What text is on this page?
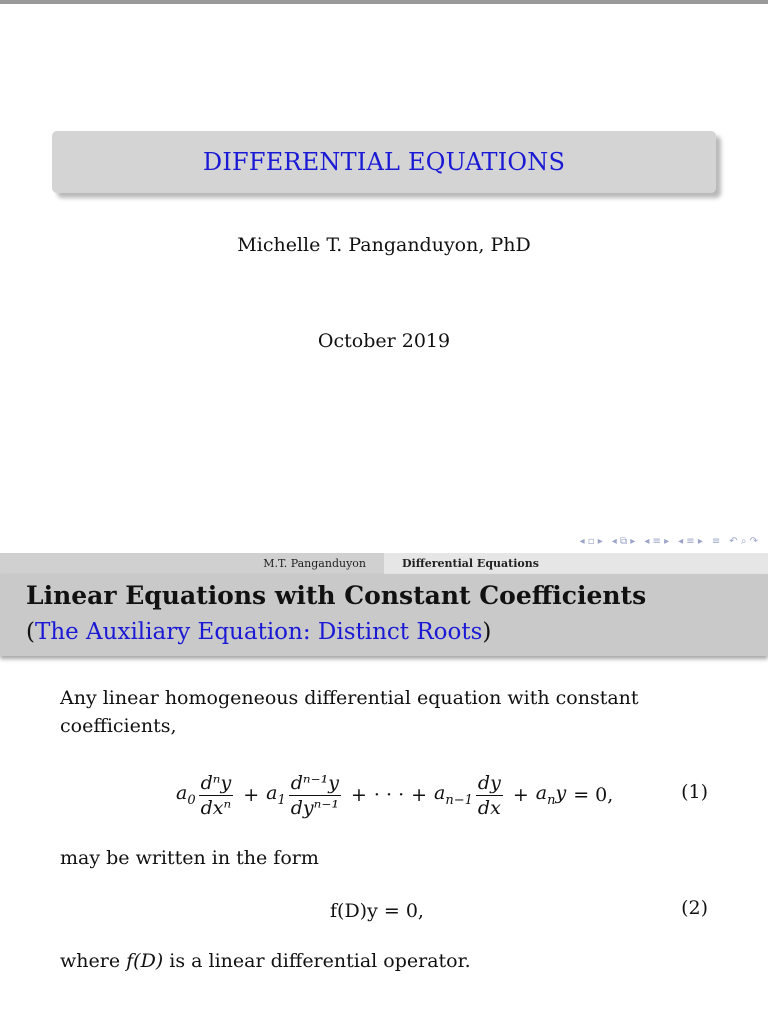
DIFFERENTIAL EQUATIONS
Michelle T. Panganduyon, PhD
October 2019
◂ ▫ ▸ ◂ ⧉ ▸ ◂ ≡ ▸ ◂ ≡ ▸ ≡ ↶ ⌕ ↷
M.T. Panganduyon	Differential Equations
Linear Equations with Constant Coefficients
(The Auxiliary Equation: Distinct Roots)
Any linear homogeneous differential equation with constant coefficients,
$a_0 \frac{\text{dⁿy}}{\text{dxⁿ}} + a_1 \frac{\text{dⁿ⁻¹y}}{\text{dyⁿ⁻¹}}$ + · · · + $a_{n-1} \frac{dy}{dx} + a_ny = 0$,	(1)
may be written in the form
f(D)y = 0,	(2)
where f(D) is a linear differential operator.
